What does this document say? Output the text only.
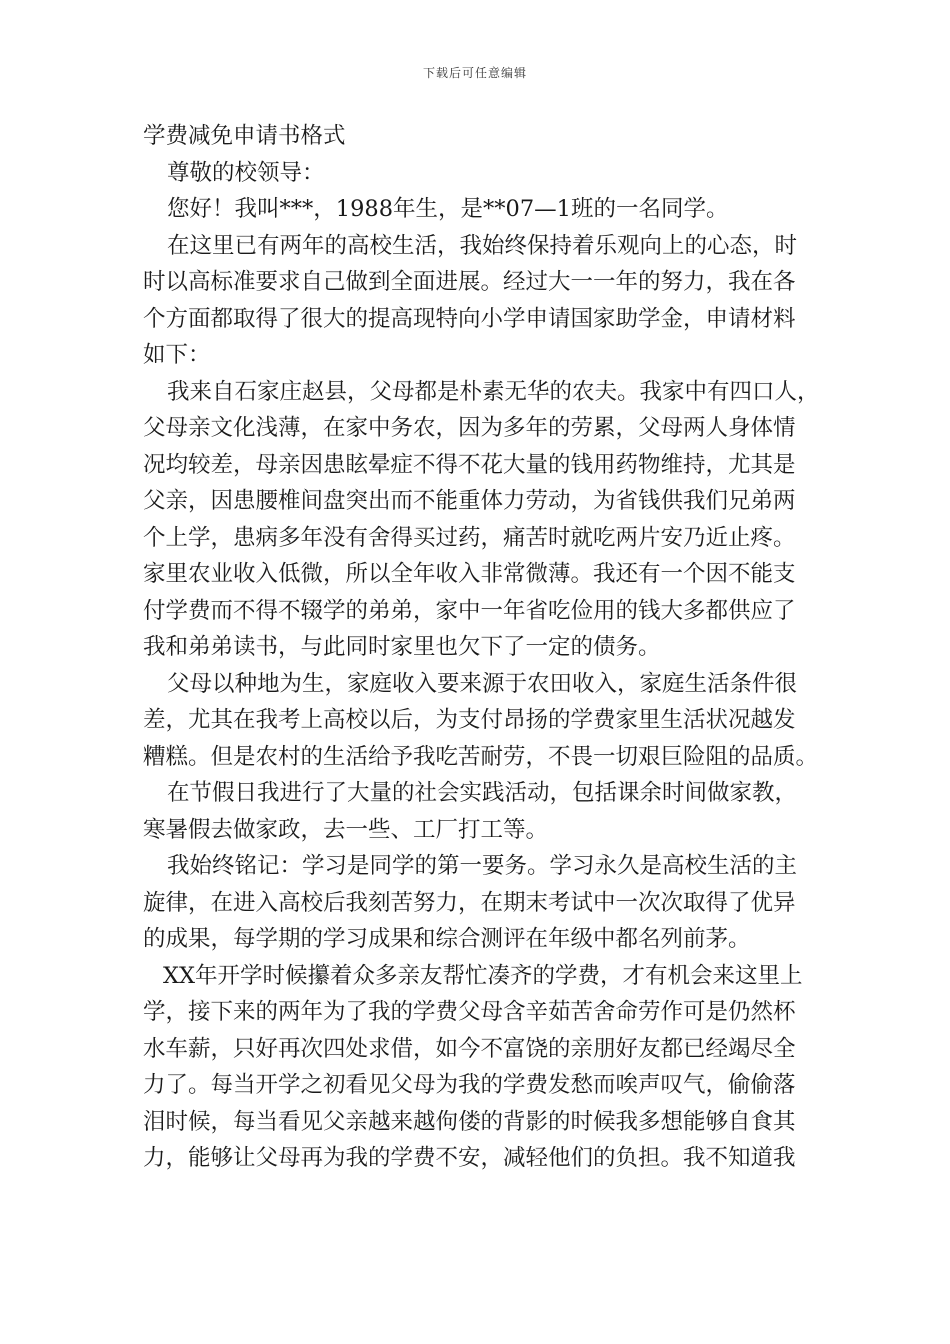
下载后可任意编辑
学费减免申请书格式
尊敬的校领导：
您好！我叫***，1988年生，是**07—1班的一名同学。
在这里已有两年的高校生活，我始终保持着乐观向上的心态，时
时以高标准要求自己做到全面进展。经过大一一年的努力，我在各
个方面都取得了很大的提高现特向小学申请国家助学金，申请材料
如下：
我来自石家庄赵县，父母都是朴素无华的农夫。我家中有四口人，
父母亲文化浅薄，在家中务农，因为多年的劳累，父母两人身体情
况均较差，母亲因患眩晕症不得不花大量的钱用药物维持，尤其是
父亲，因患腰椎间盘突出而不能重体力劳动，为省钱供我们兄弟两
个上学，患病多年没有舍得买过药，痛苦时就吃两片安乃近止疼。
家里农业收入低微，所以全年收入非常微薄。我还有一个因不能支
付学费而不得不辍学的弟弟，家中一年省吃俭用的钱大多都供应了
我和弟弟读书，与此同时家里也欠下了一定的债务。
父母以种地为生，家庭收入要来源于农田收入，家庭生活条件很
差，尤其在我考上高校以后，为支付昂扬的学费家里生活状况越发
糟糕。但是农村的生活给予我吃苦耐劳，不畏一切艰巨险阻的品质。
在节假日我进行了大量的社会实践活动，包括课余时间做家教，
寒暑假去做家政，去一些、工厂打工等。
我始终铭记：学习是同学的第一要务。学习永久是高校生活的主
旋律，在进入高校后我刻苦努力，在期末考试中一次次取得了优异
的成果，每学期的学习成果和综合测评在年级中都名列前茅。
XX年开学时候攥着众多亲友帮忙凑齐的学费，才有机会来这里上
学，接下来的两年为了我的学费父母含辛茹苦舍命劳作可是仍然杯
水车薪，只好再次四处求借，如今不富饶的亲朋好友都已经竭尽全
力了。每当开学之初看见父母为我的学费发愁而唉声叹气，偷偷落
泪时候，每当看见父亲越来越佝偻的背影的时候我多想能够自食其
力，能够让父母再为我的学费不安，减轻他们的负担。我不知道我
